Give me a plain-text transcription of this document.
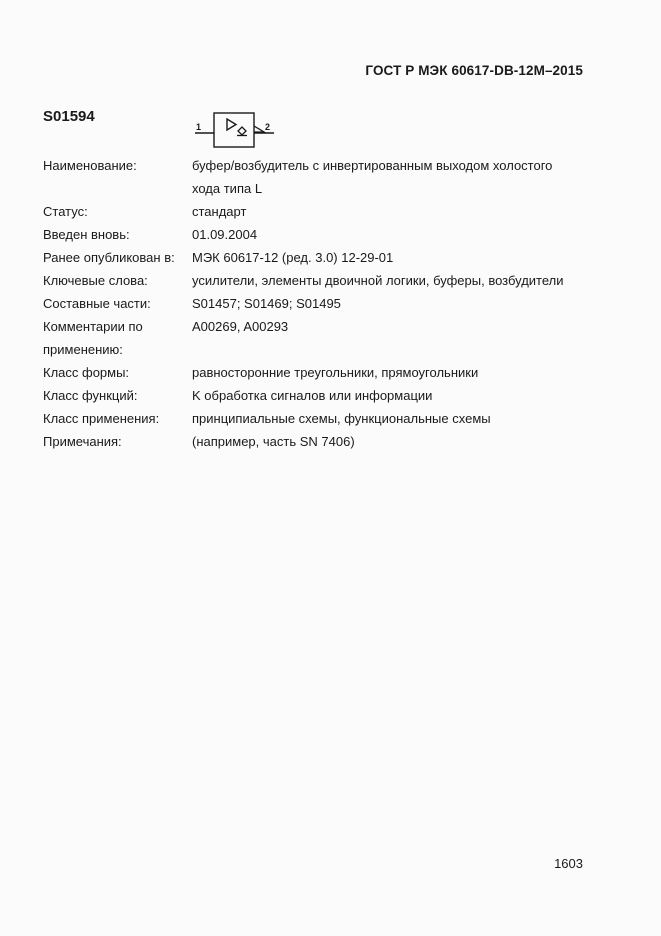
ГОСТ Р МЭК 60617-DB-12M–2015
S01594
1	2
Наименование:	буфер/возбудитель с инвертированным выходом холостого
хода типа L
Статус:	стандарт
Введен вновь:	01.09.2004
Ранее опубликован в:	МЭК 60617-12 (ред. 3.0) 12-29-01
Ключевые слова:	усилители, элементы двоичной логики, буферы, возбудители
Составные части:	S01457; S01469; S01495
Комментарии по
применению:
A00269, A00293
Класс формы:	равносторонние треугольники, прямоугольники
Класс функций:	K обработка сигналов или информации
Класс применения:	принципиальные схемы, функциональные схемы
Примечания:	(например, часть SN 7406)
1603
